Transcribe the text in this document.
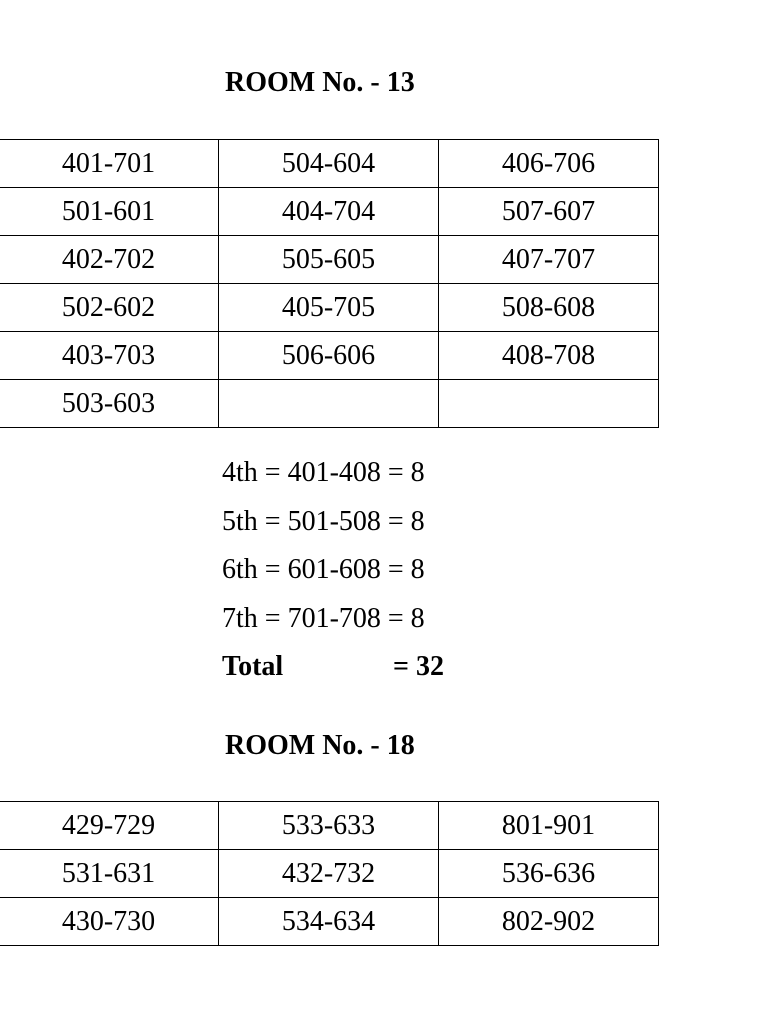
ROOM No. - 13
401-701	504-604	406-706
501-601	404-704	507-607
402-702	505-605	407-707
502-602	405-705	508-608
403-703	506-606	408-708
503-603		
4th = 401-408 = 8
5th = 501-508 = 8
6th = 601-608 = 8
7th = 701-708 = 8
Total	= 32
ROOM No. - 18
429-729	533-633	801-901
531-631	432-732	536-636
430-730	534-634	802-902
